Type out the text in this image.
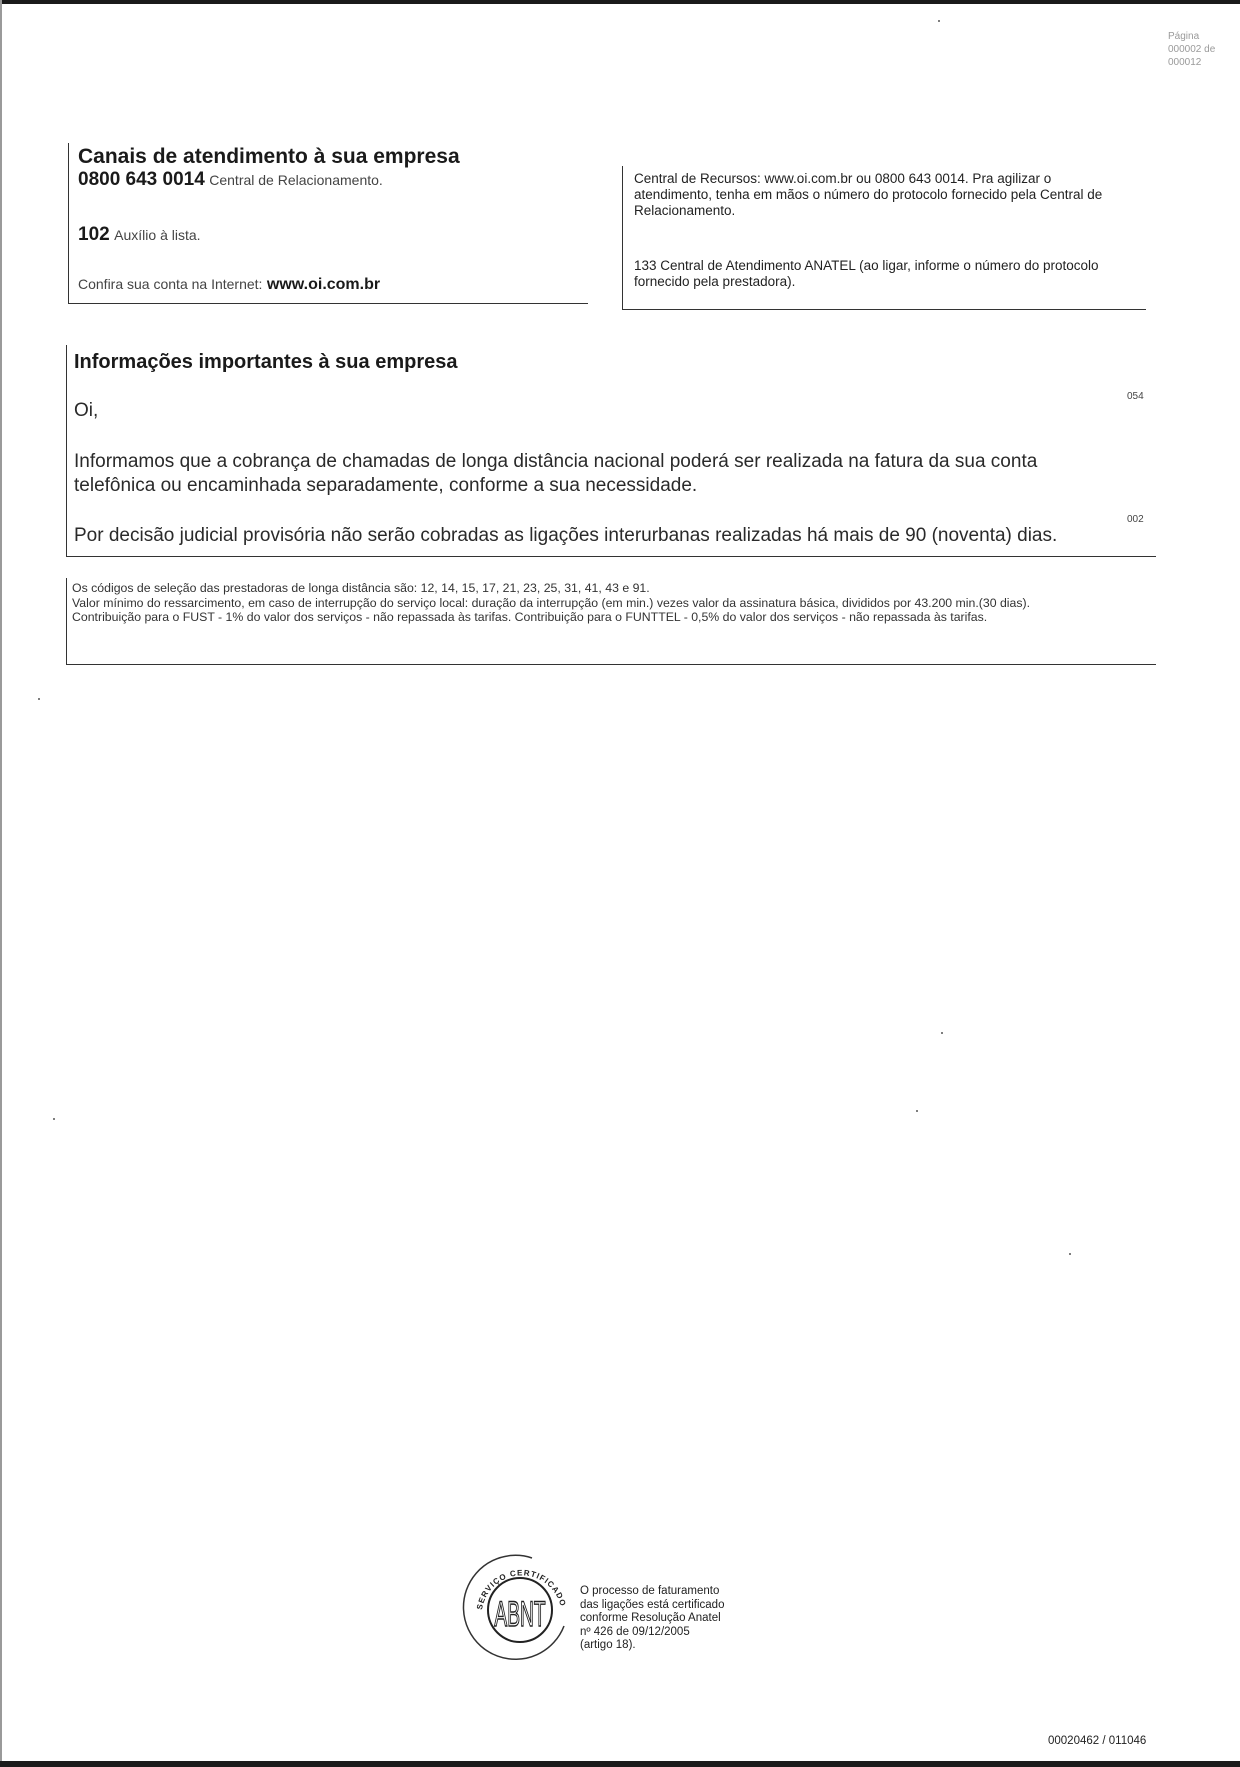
Página
000002 de
000012
Canais de atendimento à sua empresa
0800 643 0014 Central de Relacionamento.
102 Auxílio à lista.
Confira sua conta na Internet: www.oi.com.br
Central de Recursos: www.oi.com.br ou 0800 643 0014. Pra agilizar o atendimento, tenha em mãos o número do protocolo fornecido pela Central de Relacionamento.
133 Central de Atendimento ANATEL (ao ligar, informe o número do protocolo fornecido pela prestadora).
Informações importantes à sua empresa
Oi,
Informamos que a cobrança de chamadas de longa distância nacional poderá ser realizada na fatura da sua conta telefônica ou encaminhada separadamente, conforme a sua necessidade.
Por decisão judicial provisória não serão cobradas as ligações interurbanas realizadas há mais de 90 (noventa) dias.
054
002
Os códigos de seleção das prestadoras de longa distância são: 12, 14, 15, 17, 21, 23, 25, 31, 41, 43 e 91.
Valor mínimo do ressarcimento, em caso de interrupção do serviço local: duração da interrupção (em min.) vezes valor da assinatura básica, divididos por 43.200 min.(30 dias).
Contribuição para o FUST - 1% do valor dos serviços - não repassada às tarifas. Contribuição para o FUNTTEL - 0,5% do valor dos serviços - não repassada às tarifas.
SERVIÇO CERTIFICADO
ABNT
O processo de faturamento
das ligações está certificado
conforme Resolução Anatel
nº 426 de 09/12/2005
(artigo 18).
00020462 / 011046
